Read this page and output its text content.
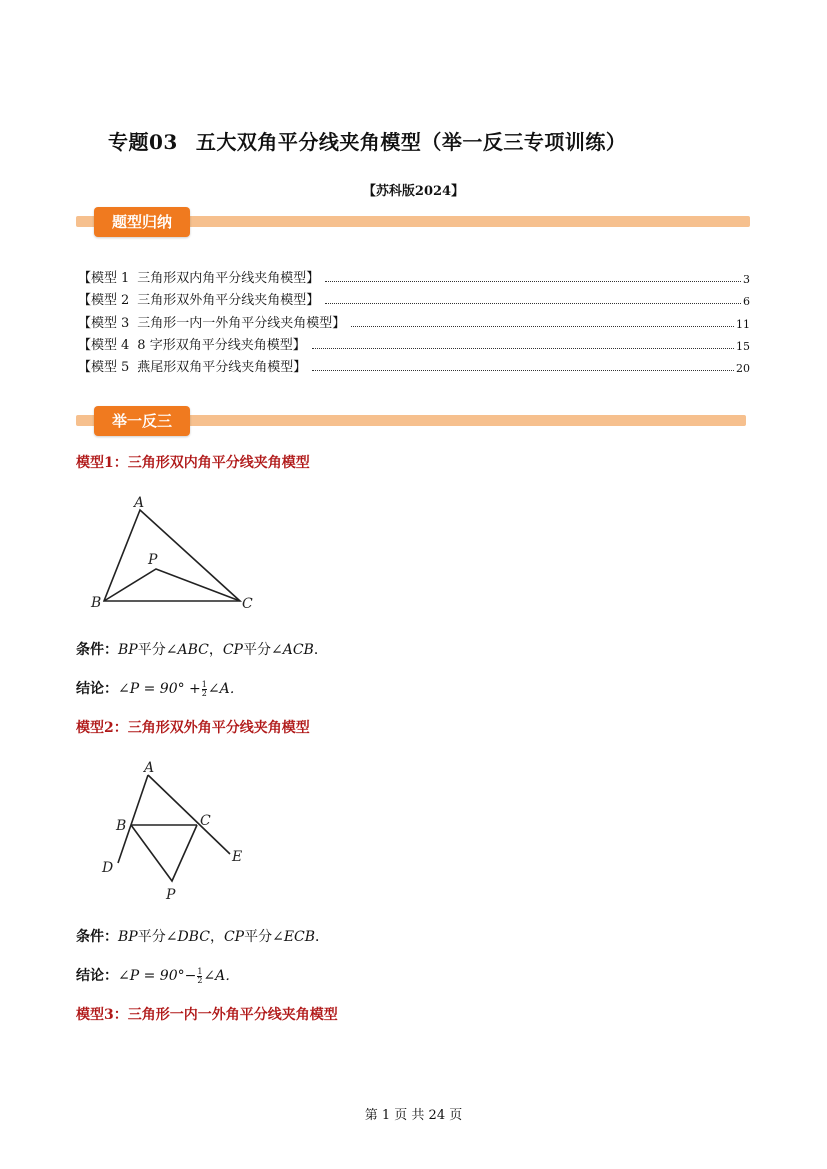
专题03 五大双角平分线夹角模型（举一反三专项训练）
【苏科版2024】
题型归纳
【模型 1 三角形双内角平分线夹角模型】	3
【模型 2 三角形双外角平分线夹角模型】	6
【模型 3 三角形一内一外角平分线夹角模型】	11
【模型 4 8 字形双角平分线夹角模型】	15
【模型 5 燕尾形双角平分线夹角模型】	20
举一反三
模型1：三角形双内角平分线夹角模型
A
P
B	C
条件：BP平分∠ABC，CP平分∠ACB．
结论：∠P = $90^\circ + \frac{1}{2}$ ∠A．
模型2：三角形双外角平分线夹角模型
A
B	C
D
E
P
条件：BP平分∠DBC，CP平分∠ECB．
结论：∠P = $90^\circ- \frac{1}{2}$ ∠A．
模型3：三角形一内一外角平分线夹角模型
第 1 页 共 24 页
